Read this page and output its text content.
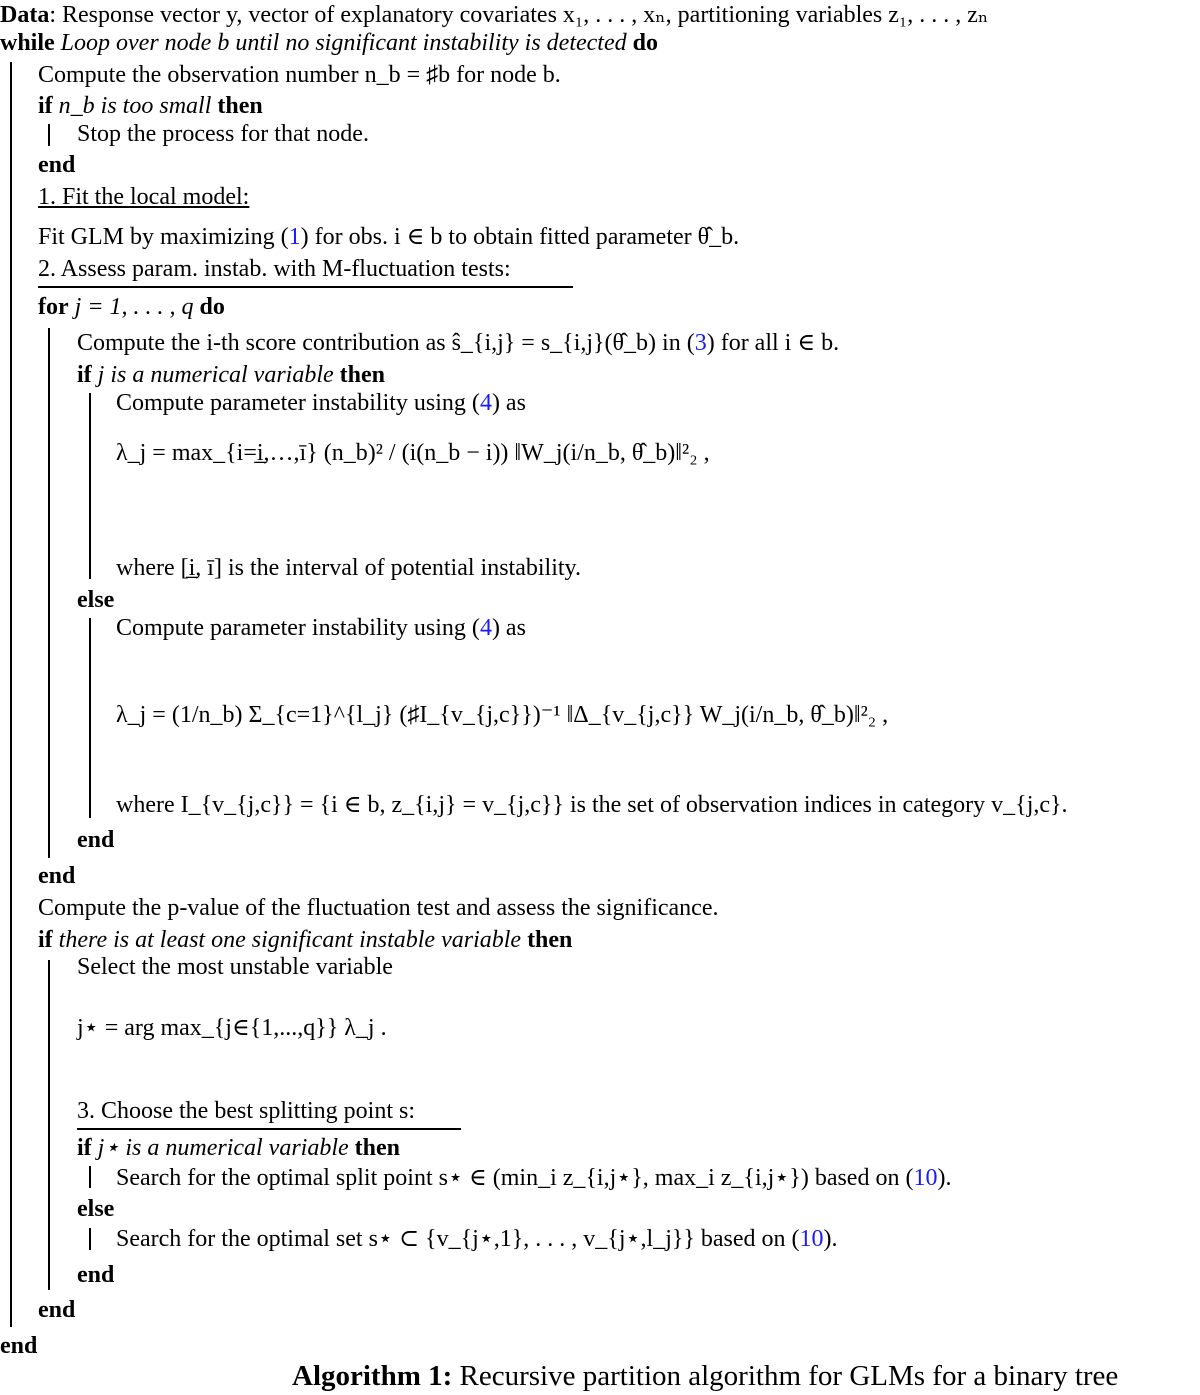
Data: Response vector y, vector of explanatory covariates x₁, . . . , xₙ, partitioning variables z₁, . . . , zₙ
while Loop over node b until no significant instability is detected do
Compute the observation number n_b = ♯b for node b.
if n_b is too small then
Stop the process for that node.
end
1. Fit the local model:
Fit GLM by maximizing (1) for obs. i ∈ b to obtain fitted parameter θ̂_b.
2. Assess param. instab. with M-fluctuation tests:
for j = 1, . . . , q do
Compute the i-th score contribution as ŝ_{i,j} = s_{i,j}(θ̂_b) in (3) for all i ∈ b.
if j is a numerical variable then
Compute parameter instability using (4) as
λ_j = max_{i=i̲,…,ī} (n_b)² / (i(n_b − i)) ‖W_j(i/n_b, θ̂_b)‖²₂ ,
where [i̲, ī] is the interval of potential instability.
else
Compute parameter instability using (4) as
λ_j = (1/n_b) Σ_{c=1}^{l_j} (♯I_{v_{j,c}})⁻¹ ‖Δ_{v_{j,c}} W_j(i/n_b, θ̂_b)‖²₂ ,
where I_{v_{j,c}} = {i ∈ b, z_{i,j} = v_{j,c}} is the set of observation indices in category v_{j,c}.
end
end
Compute the p-value of the fluctuation test and assess the significance.
if there is at least one significant instable variable then
Select the most unstable variable
j⋆ = arg max_{j∈{1,...,q}} λ_j .
3. Choose the best splitting point s:
if j⋆ is a numerical variable then
Search for the optimal split point s⋆ ∈ (min_i z_{i,j⋆}, max_i z_{i,j⋆}) based on (10).
else
Search for the optimal set s⋆ ⊂ {v_{j⋆,1}, . . . , v_{j⋆,l_j}} based on (10).
end
end
end
Algorithm 1: Recursive partition algorithm for GLMs for a binary tree
